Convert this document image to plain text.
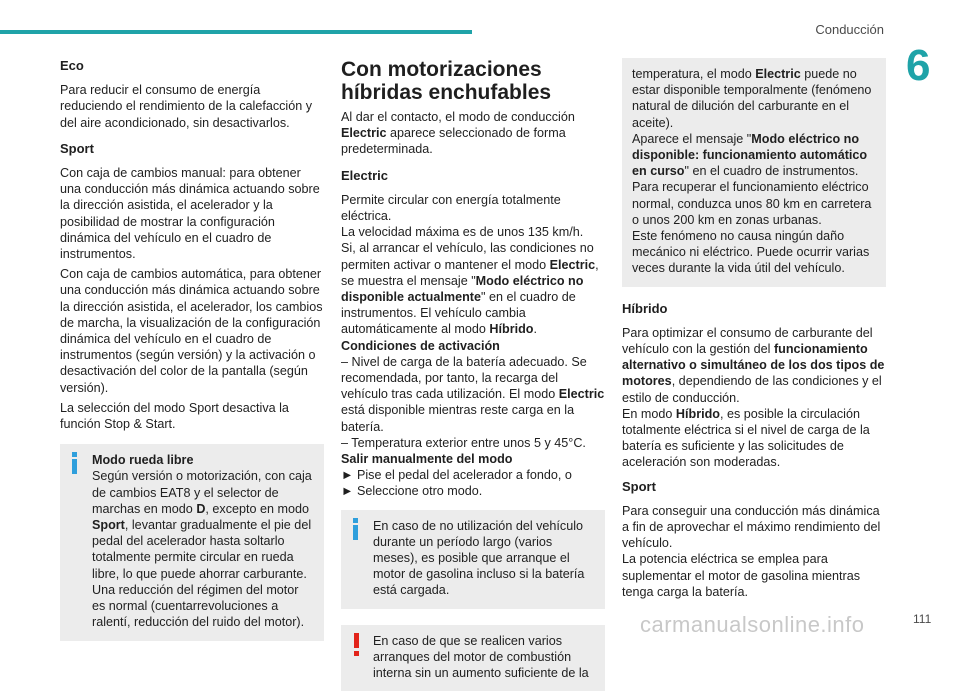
Conducción
6
Eco
Para reducir el consumo de energía reduciendo el rendimiento de la calefacción y del aire acondicionado, sin desactivarlos.
Sport
Con caja de cambios manual: para obtener una conducción más dinámica actuando sobre la dirección asistida, el acelerador y la posibilidad de mostrar la configuración dinámica del vehículo en el cuadro de instrumentos.
Con caja de cambios automática, para obtener una conducción más dinámica actuando sobre la dirección asistida, el acelerador, los cambios de marcha, la visualización de la configuración dinámica del vehículo en el cuadro de instrumentos (según versión) y la activación o desactivación del color de la pantalla (según versión).
La selección del modo Sport desactiva la función Stop & Start.
Modo rueda libre
Según versión o motorización, con caja de cambios EAT8 y el selector de marchas en modo D, excepto en modo Sport, levantar gradualmente el pie del pedal del acelerador hasta soltarlo totalmente permite circular en rueda libre, lo que puede ahorrar carburante.
Una reducción del régimen del motor es normal (cuentarrevoluciones a ralentí, reducción del ruido del motor).
Con motorizaciones híbridas enchufables
Al dar el contacto, el modo de conducción Electric aparece seleccionado de forma predeterminada.
Electric
Permite circular con energía totalmente eléctrica.
La velocidad máxima es de unos 135 km/h.
Si, al arrancar el vehículo, las condiciones no permiten activar o mantener el modo Electric, se muestra el mensaje "Modo eléctrico no disponible actualmente" en el cuadro de instrumentos. El vehículo cambia automáticamente al modo Híbrido.
Condiciones de activación
– Nivel de carga de la batería adecuado. Se recomendada, por tanto, la recarga del vehículo tras cada utilización. El modo Electric está disponible mientras reste carga en la batería.
– Temperatura exterior entre unos 5 y 45°C.
Salir manualmente del modo
► Pise el pedal del acelerador a fondo, o
► Seleccione otro modo.
En caso de no utilización del vehículo durante un período largo (varios meses), es posible que arranque el motor de gasolina incluso si la batería está cargada.
En caso de que se realicen varios arranques del motor de combustión interna sin un aumento suficiente de la
temperatura, el modo Electric puede no estar disponible temporalmente (fenómeno natural de dilución del carburante en el aceite).
Aparece el mensaje "Modo eléctrico no disponible: funcionamiento automático en curso" en el cuadro de instrumentos.
Para recuperar el funcionamiento eléctrico normal, conduzca unos 80 km en carretera o unos 200 km en zonas urbanas.
Este fenómeno no causa ningún daño mecánico ni eléctrico. Puede ocurrir varias veces durante la vida útil del vehículo.
Híbrido
Para optimizar el consumo de carburante del vehículo con la gestión del funcionamiento alternativo o simultáneo de los dos tipos de motores, dependiendo de las condiciones y el estilo de conducción.
En modo Híbrido, es posible la circulación totalmente eléctrica si el nivel de carga de la batería es suficiente y las solicitudes de aceleración son moderadas.
Sport
Para conseguir una conducción más dinámica a fin de aprovechar el máximo rendimiento del vehículo.
La potencia eléctrica se emplea para suplementar el motor de gasolina mientras tenga carga la batería.
carmanualsonline.info	111
